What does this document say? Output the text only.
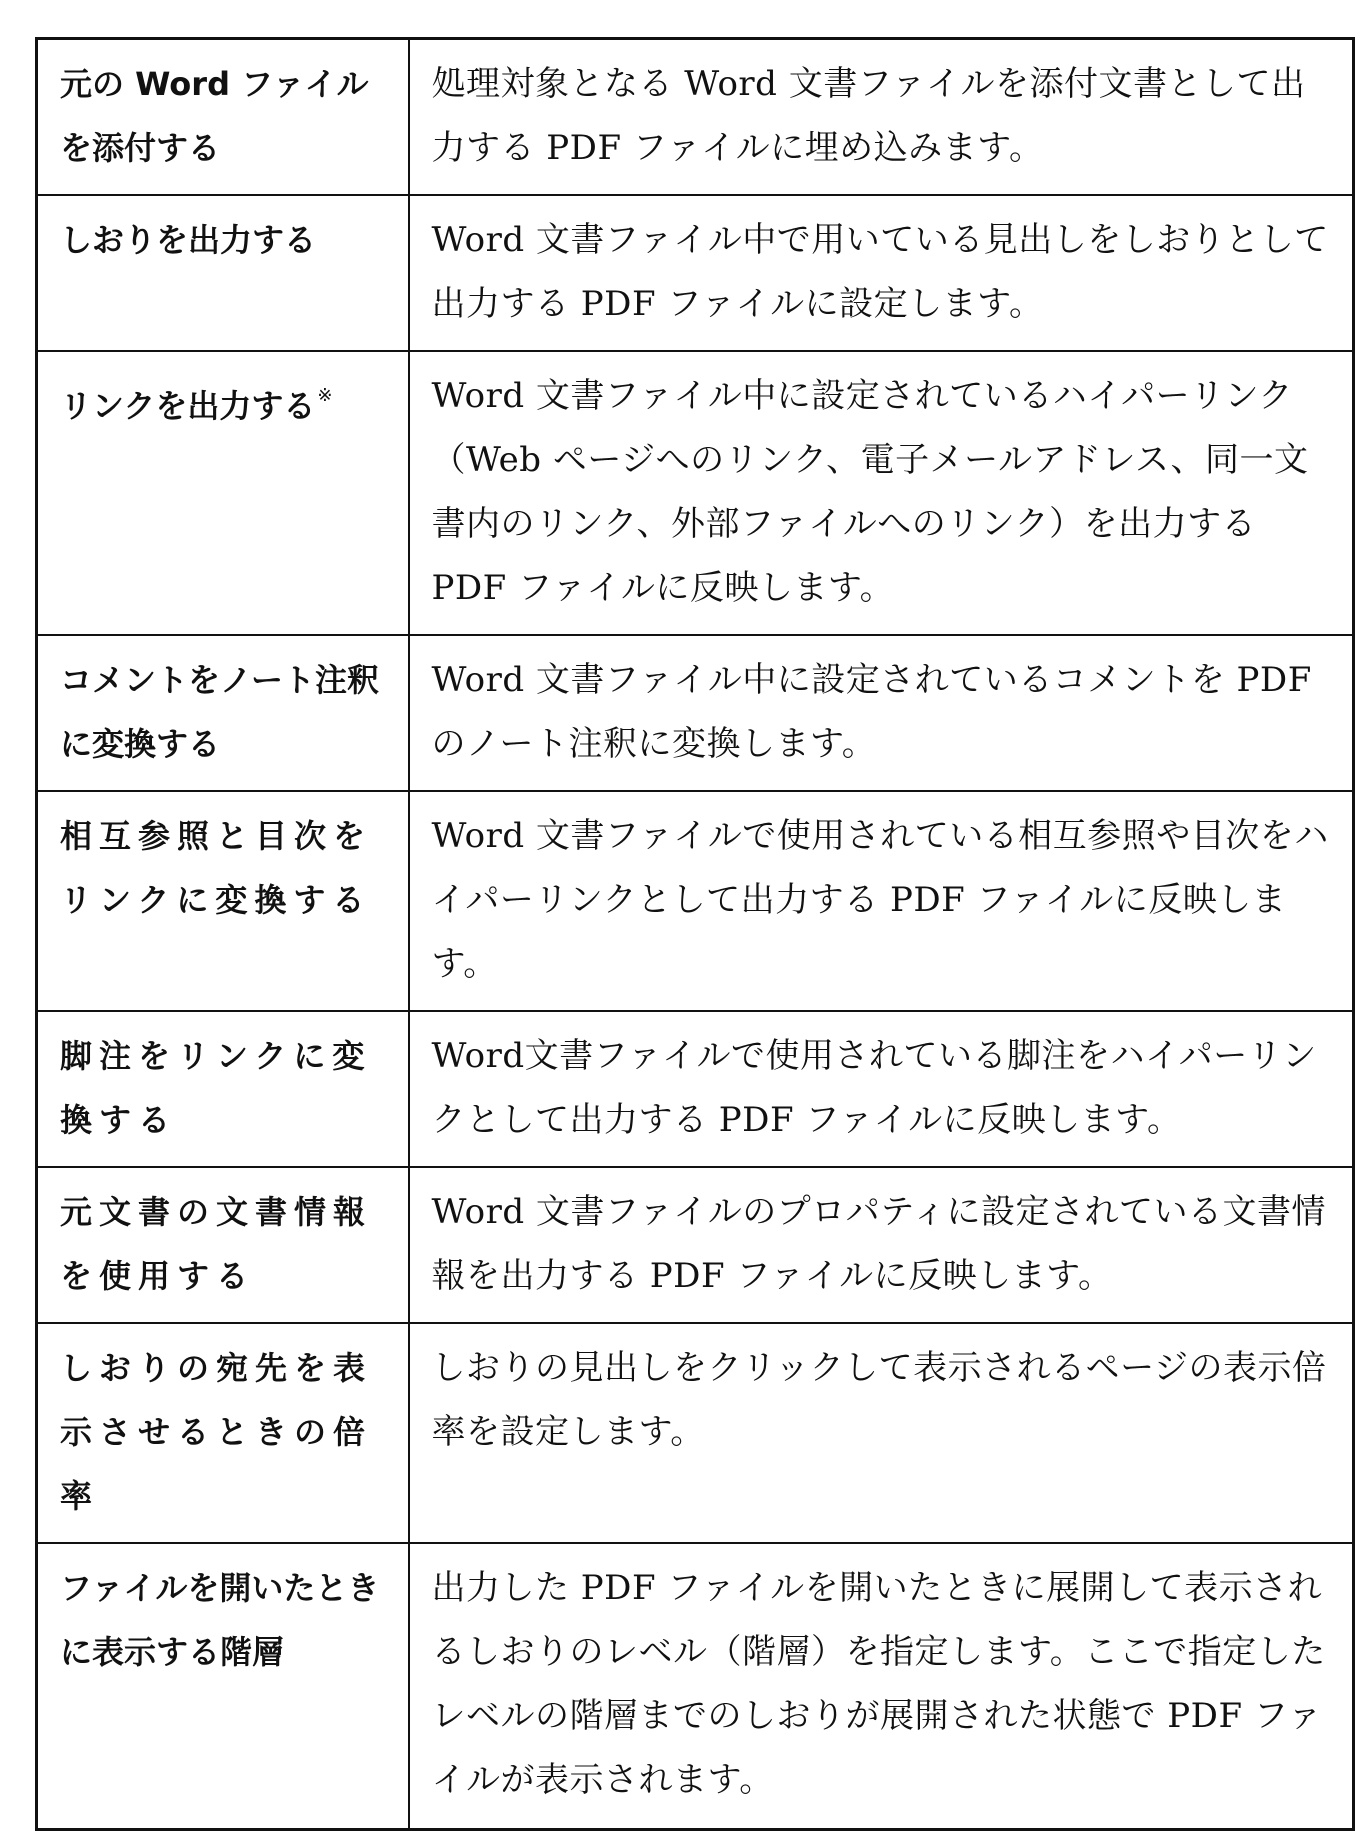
元の Word ファイルを添付する	処理対象となる Word 文書ファイルを添付文書として出力する PDF ファイルに埋め込みます。
しおりを出力する	Word 文書ファイル中で用いている見出しをしおりとして出力する PDF ファイルに設定します。
リンクを出力する ※	Word 文書ファイル中に設定されているハイパーリンク（Web ページへのリンク、電子メールアドレス、同一文書内のリンク、外部ファイルへのリンク）を出力する PDF ファイルに反映します。
コメントをノート注釈に変換する	Word 文書ファイル中に設定されているコメントを PDF のノート注釈に変換します。
相互参照と目次をリンクに変換する	Word 文書ファイルで使用されている相互参照や目次をハイパーリンクとして出力する PDF ファイルに反映します。
脚注をリンクに変換する	Word文書ファイルで使用されている脚注をハイパーリンクとして出力する PDF ファイルに反映します。
元文書の文書情報を使用する	Word 文書ファイルのプロパティに設定されている文書情報を出力する PDF ファイルに反映します。
しおりの宛先を表示させるときの倍率	しおりの見出しをクリックして表示されるページの表示倍率を設定します。
ファイルを開いたときに表示する階層	出力した PDF ファイルを開いたときに展開して表示されるしおりのレベル（階層）を指定します。ここで指定したレベルの階層までのしおりが展開された状態で PDF ファイルが表示されます。
